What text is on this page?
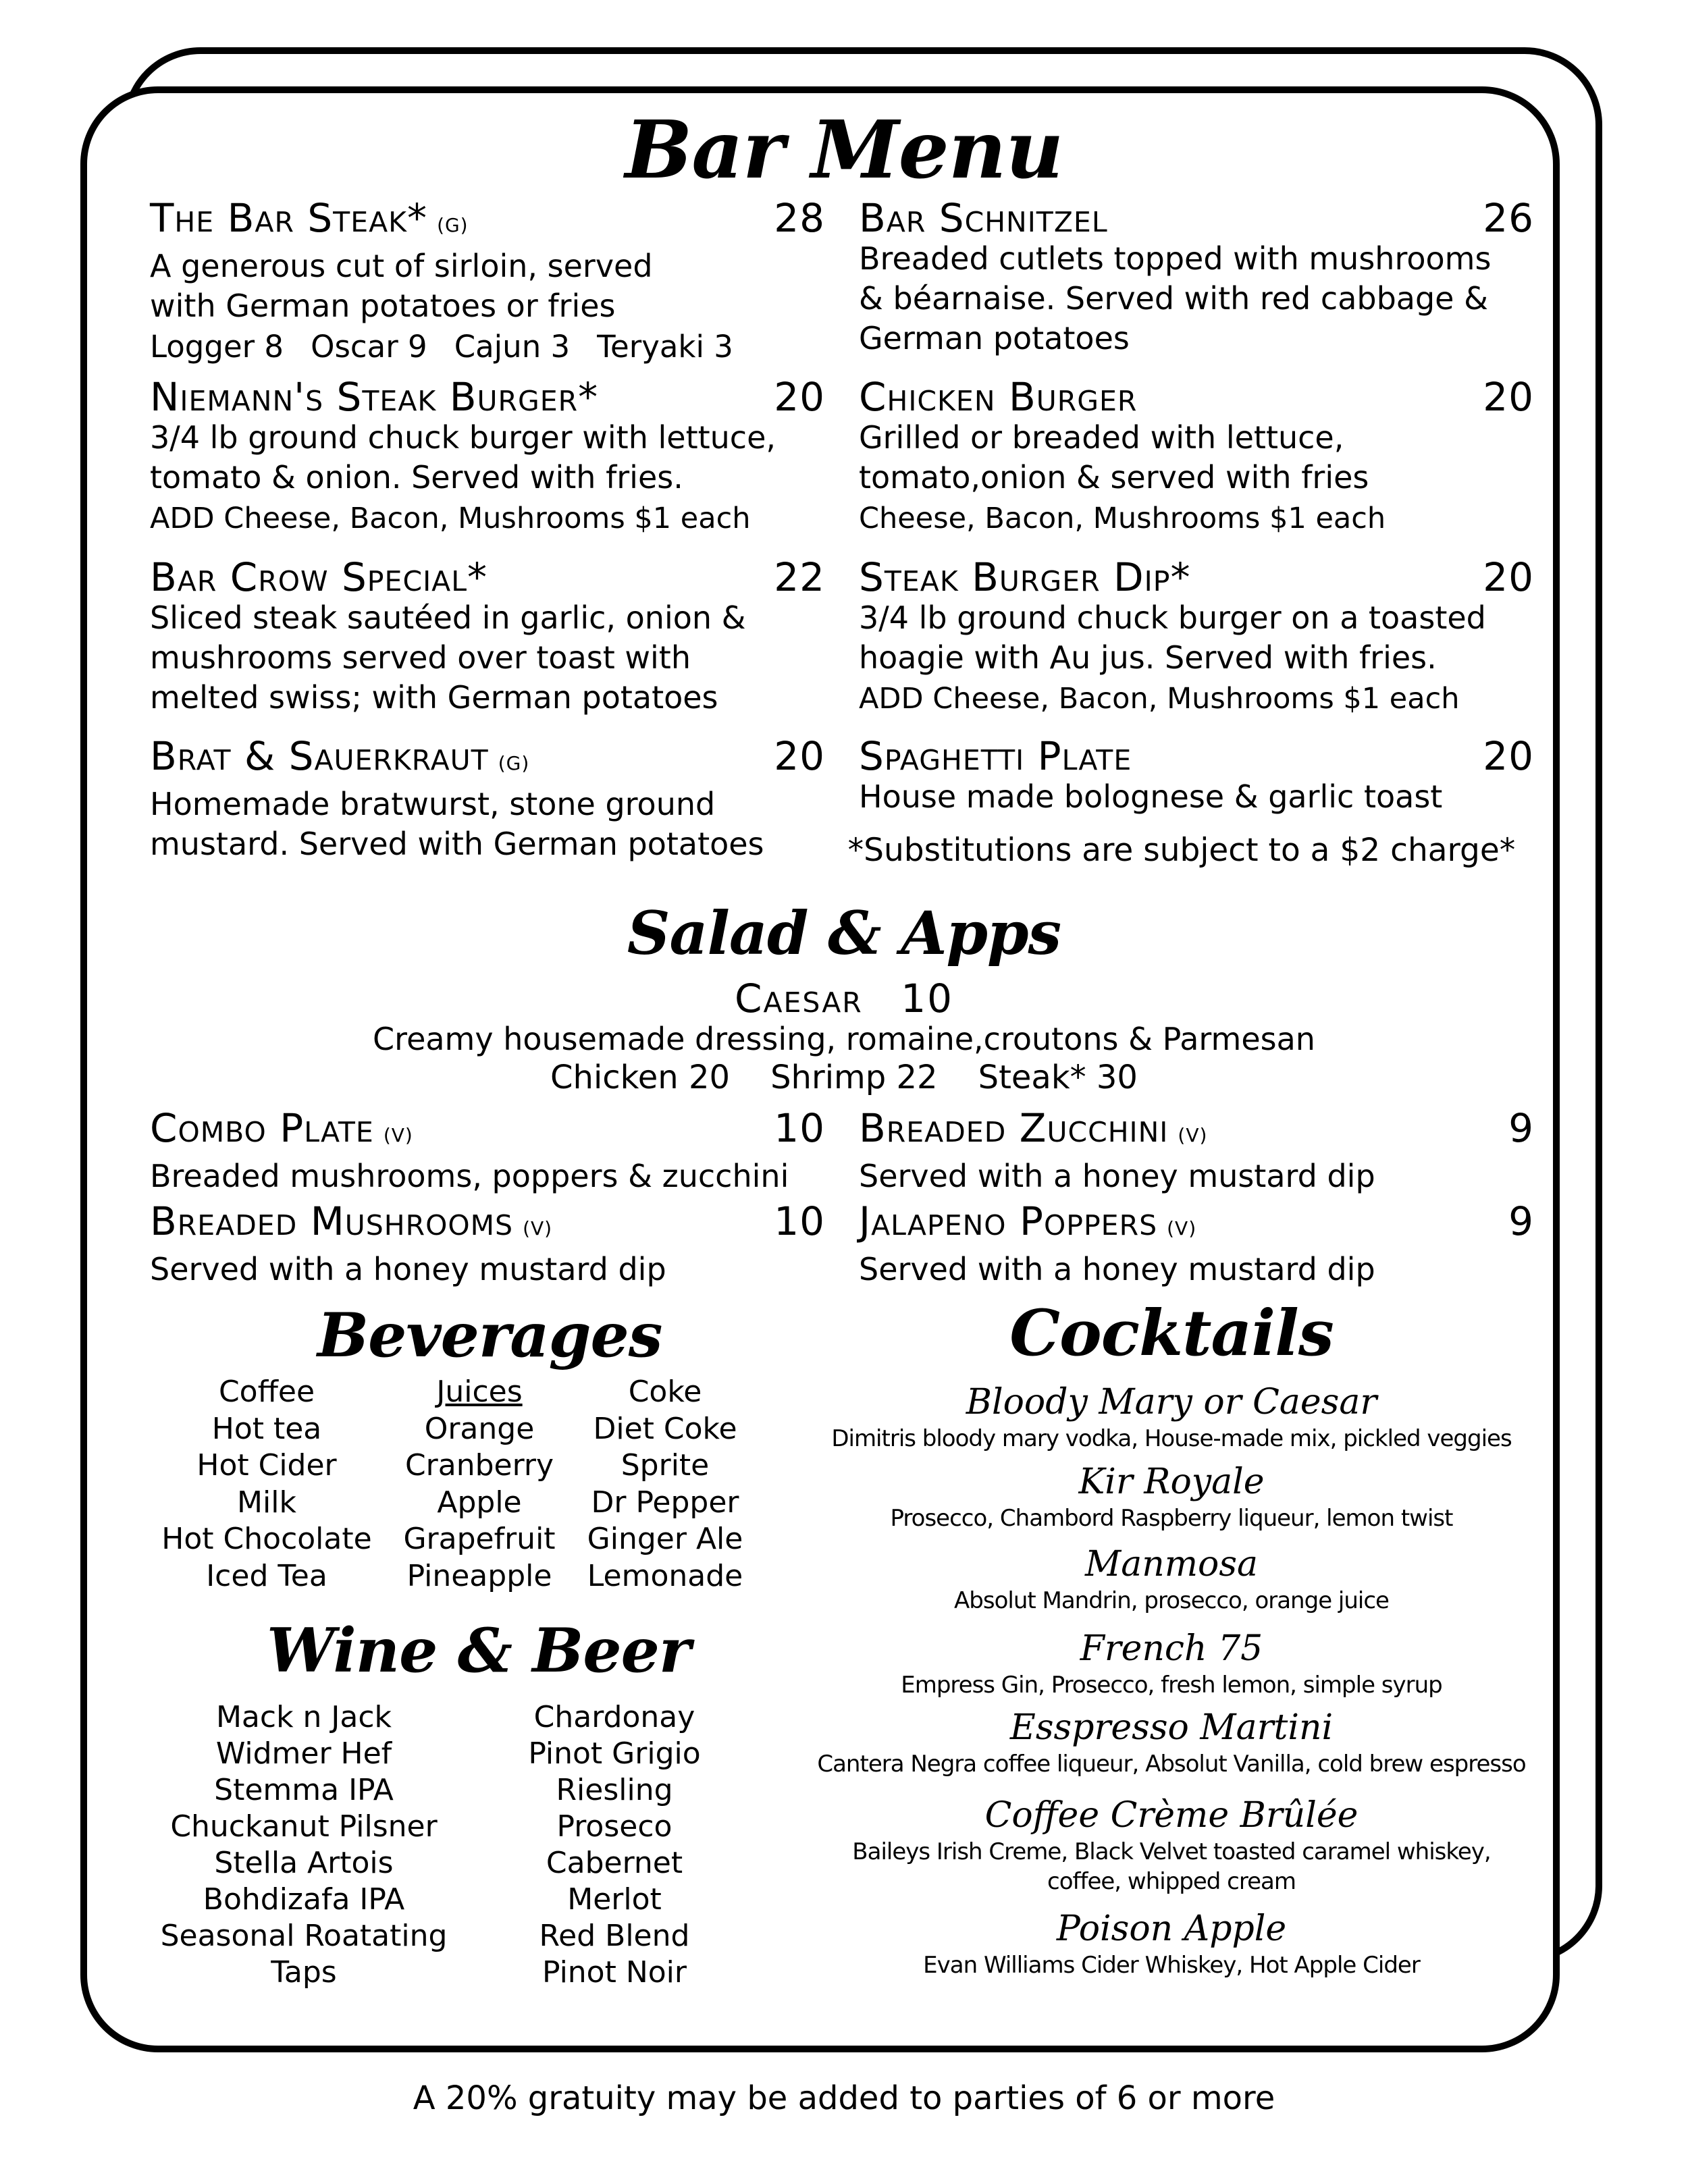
Bar Menu
The Bar Steak* (G)	28
A generous cut of sirloin, served
with German potatoes or fries
Logger 8 Oscar 9 Cajun 3 Teryaki 3
Niemann's Steak Burger*	20
3/4 lb ground chuck burger with lettuce,
tomato & onion. Served with fries.
ADD Cheese, Bacon, Mushrooms $1 each
Bar Crow Special*	22
Sliced steak sautéed in garlic, onion &
mushrooms served over toast with
melted swiss; with German potatoes
Brat & Sauerkraut (G)	20
Homemade bratwurst, stone ground
mustard. Served with German potatoes
Bar Schnitzel	26
Breaded cutlets topped with mushrooms
& béarnaise. Served with red cabbage &
German potatoes
Chicken Burger	20
Grilled or breaded with lettuce,
tomato,onion & served with fries
Cheese, Bacon, Mushrooms $1 each
Steak Burger Dip*	20
3/4 lb ground chuck burger on a toasted
hoagie with Au jus. Served with fries.
ADD Cheese, Bacon, Mushrooms $1 each
Spaghetti Plate	20
House made bolognese & garlic toast
*Substitutions are subject to a $2 charge*
Salad & Apps
Caesar 10
Creamy housemade dressing, romaine,croutons & Parmesan
Chicken 20 Shrimp 22 Steak* 30
Combo Plate (V)	10
Breaded mushrooms, poppers & zucchini
Breaded Zucchini (V)	9
Served with a honey mustard dip
Breaded Mushrooms (V)	10
Served with a honey mustard dip
Jalapeno Poppers (V)	9
Served with a honey mustard dip
Beverages
Coffee
Hot tea
Hot Cider
Milk
Hot Chocolate
Iced Tea
Juices
Orange
Cranberry
Apple
Grapefruit
Pineapple
Coke
Diet Coke
Sprite
Dr Pepper
Ginger Ale
Lemonade
Wine & Beer
Mack n Jack
Widmer Hef
Stemma IPA
Chuckanut Pilsner
Stella Artois
Bohdizafa IPA
Seasonal Roatating
Taps
Chardonay
Pinot Grigio
Riesling
Proseco
Cabernet
Merlot
Red Blend
Pinot Noir
Cocktails
Bloody Mary or Caesar
Dimitris bloody mary vodka, House-made mix, pickled veggies
Kir Royale
Prosecco, Chambord Raspberry liqueur, lemon twist
Manmosa
Absolut Mandrin, prosecco, orange juice
French 75
Empress Gin, Prosecco, fresh lemon, simple syrup
Esspresso Martini
Cantera Negra coffee liqueur, Absolut Vanilla, cold brew espresso
Coffee Crème Brûlée
Baileys Irish Creme, Black Velvet toasted caramel whiskey,
coffee, whipped cream
Poison Apple
Evan Williams Cider Whiskey, Hot Apple Cider
A 20% gratuity may be added to parties of 6 or more
